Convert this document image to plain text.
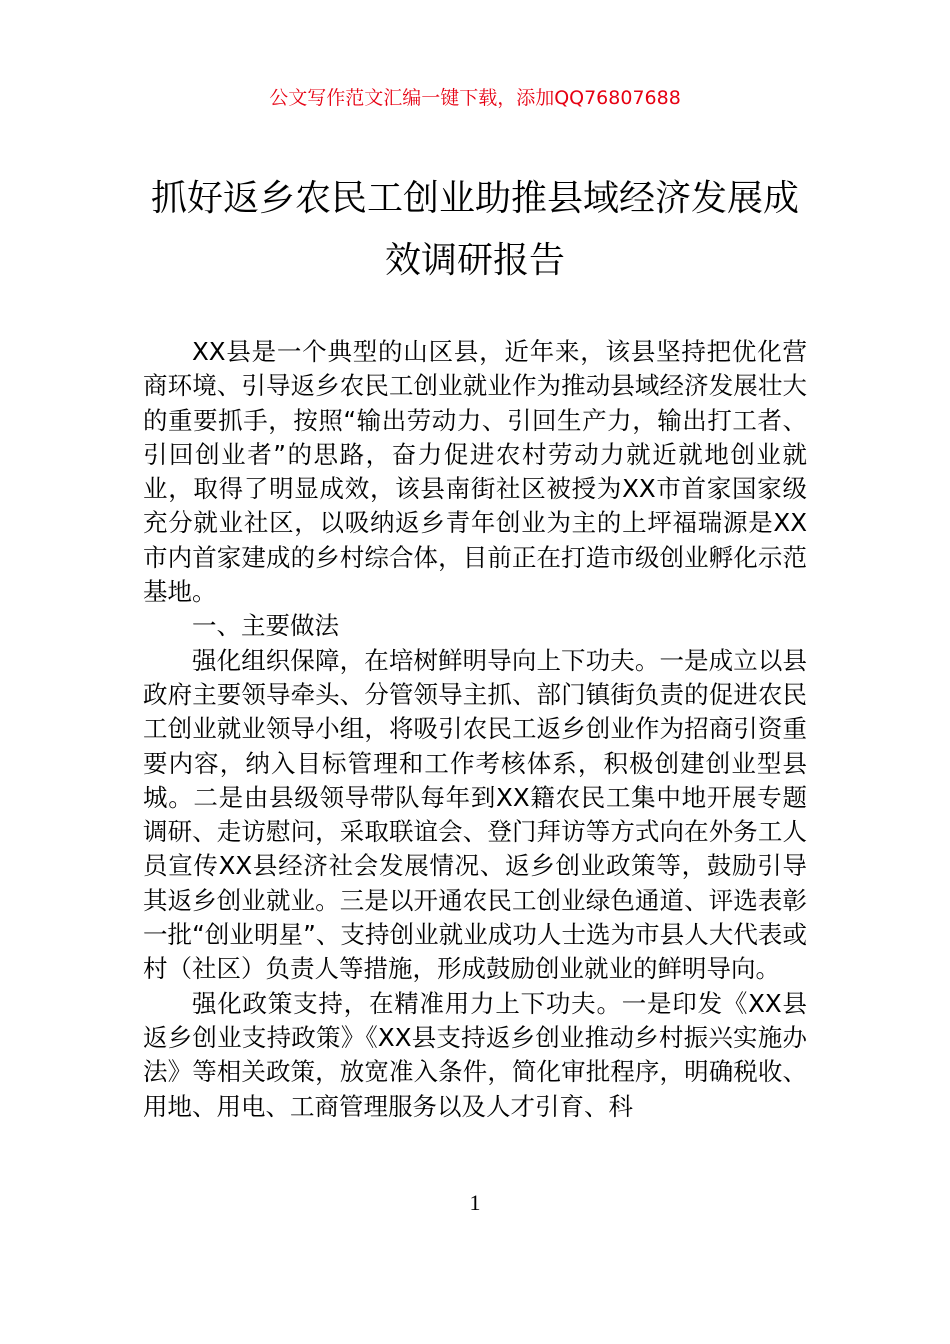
公文写作范文汇编一键下载，添加QQ76807688
抓好返乡农民工创业助推县域经济发展成
效调研报告

XX县是一个典型的山区县，近年来，该县坚持把优化营商环境、引导返乡农民工创业就业作为推动县域经济发展壮大的重要抓手，按照“输出劳动力、引回生产力，输出打工者、引回创业者”的思路，奋力促进农村劳动力就近就地创业就业，取得了明显成效，该县南街社区被授为XX市首家国家级充分就业社区，以吸纳返乡青年创业为主的上坪福瑞源是XX市内首家建成的乡村综合体，目前正在打造市级创业孵化示范基地。

一、主要做法

强化组织保障，在培树鲜明导向上下功夫。一是成立以县政府主要领导牵头、分管领导主抓、部门镇街负责的促进农民工创业就业领导小组，将吸引农民工返乡创业作为招商引资重要内容，纳入目标管理和工作考核体系，积极创建创业型县城。二是由县级领导带队每年到XX籍农民工集中地开展专题调研、走访慰问，采取联谊会、登门拜访等方式向在外务工人员宣传XX县经济社会发展情况、返乡创业政策等，鼓励引导其返乡创业就业。三是以开通农民工创业绿色通道、评选表彰一批“创业明星”、支持创业就业成功人士选为市县人大代表或村（社区）负责人等措施，形成鼓励创业就业的鲜明导向。

强化政策支持，在精准用力上下功夫。一是印发《XX县返乡创业支持政策》《XX县支持返乡创业推动乡村振兴实施办法》等相关政策，放宽准入条件，简化审批程序，明确税收、用地、用电、工商管理服务以及人才引育、科

1
